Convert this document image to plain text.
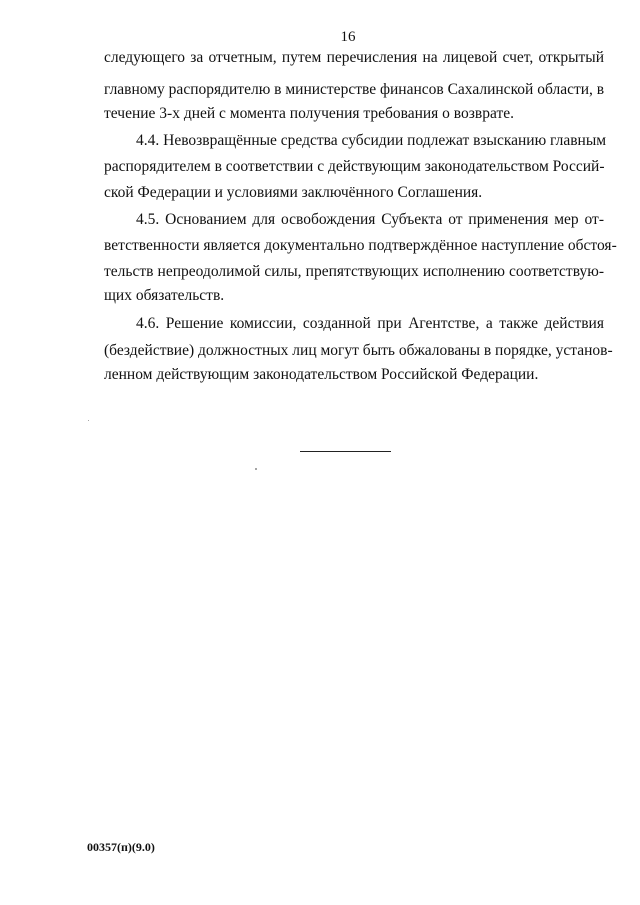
16
следующего за отчетным, путем перечисления на лицевой счет, открытый
главному распорядителю в министерстве финансов Сахалинской области, в
течение 3-х дней с момента получения требования о возврате.
4.4. Невозвращённые средства субсидии подлежат взысканию главным
распорядителем в соответствии с действующим законодательством Россий-
ской Федерации и условиями заключённого Соглашения.
4.5. Основанием для освобождения Субъекта от применения мер от-
ветственности является документально подтверждённое наступление обстоя-
тельств непреодолимой силы, препятствующих исполнению соответствую-
щих обязательств.
4.6. Решение комиссии, созданной при Агентстве, а также действия
(бездействие) должностных лиц могут быть обжалованы в порядке, установ-
ленном действующим законодательством Российской Федерации.
00357(п)(9.0)
